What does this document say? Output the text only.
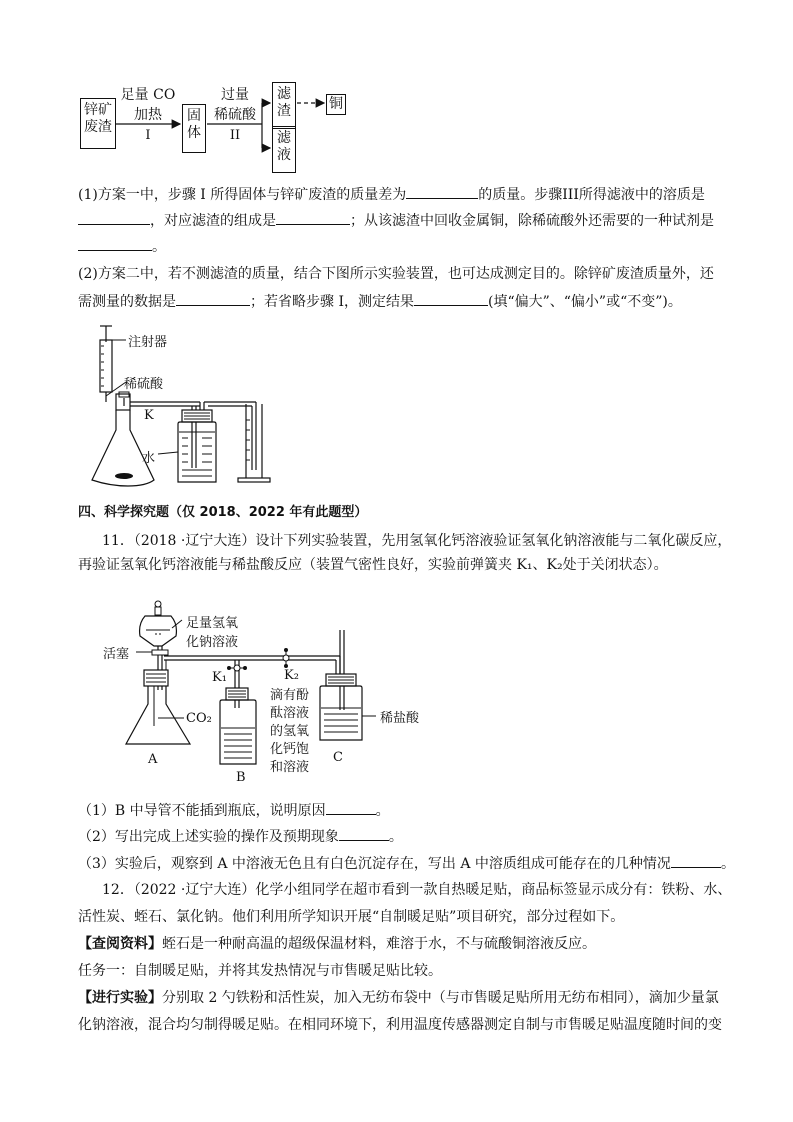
锌矿
废渣
足量 CO
加热
I
固
体
过量
稀硫酸
II
滤
渣
滤
液
铜
(1)方案一中，步骤 I 所得固体与锌矿废渣的质量差为	的质量。步骤III所得滤液中的溶质是
，对应滤渣的组成是	；从该滤渣中回收金属铜，除稀硫酸外还需要的一种试剂是
。
(2)方案二中，若不测滤渣的质量，结合下图所示实验装置，也可达成测定目的。除锌矿废渣质量外，还
需测量的数据是	；若省略步骤 I，测定结果	(填“偏大”、“偏小”或“不变”)。
注射器
稀硫酸
K
水
四、科学探究题（仅 2018、2022 年有此题型）
11．（2018 ·辽宁大连）设计下列实验装置，先用氢氧化钙溶液验证氢氧化钠溶液能与二氧化碳反应，
再验证氢氧化钙溶液能与稀盐酸反应（装置气密性良好，实验前弹簧夹 K₁、K₂处于关闭状态）。
足量氢氧
化钠溶液
活塞
K₁	K₂
CO₂
滴有酚
酞溶液
的氢氧
化钙饱
和溶液
稀盐酸
A
B
C
（1）B 中导管不能插到瓶底，说明原因	。
（2）写出完成上述实验的操作及预期现象	。
（3）实验后，观察到 A 中溶液无色且有白色沉淀存在，写出 A 中溶质组成可能存在的几种情况	。
12．（2022 ·辽宁大连）化学小组同学在超市看到一款自热暖足贴，商品标签显示成分有：铁粉、水、
活性炭、蛭石、氯化钠。他们利用所学知识开展“自制暖足贴”项目研究，部分过程如下。
【查阅资料】蛭石是一种耐高温的超级保温材料，难溶于水，不与硫酸铜溶液反应。
任务一：自制暖足贴，并将其发热情况与市售暖足贴比较。
【进行实验】分别取 2 勺铁粉和活性炭，加入无纺布袋中（与市售暖足贴所用无纺布相同），滴加少量氯
化钠溶液，混合均匀制得暖足贴。在相同环境下，利用温度传感器测定自制与市售暖足贴温度随时间的变
